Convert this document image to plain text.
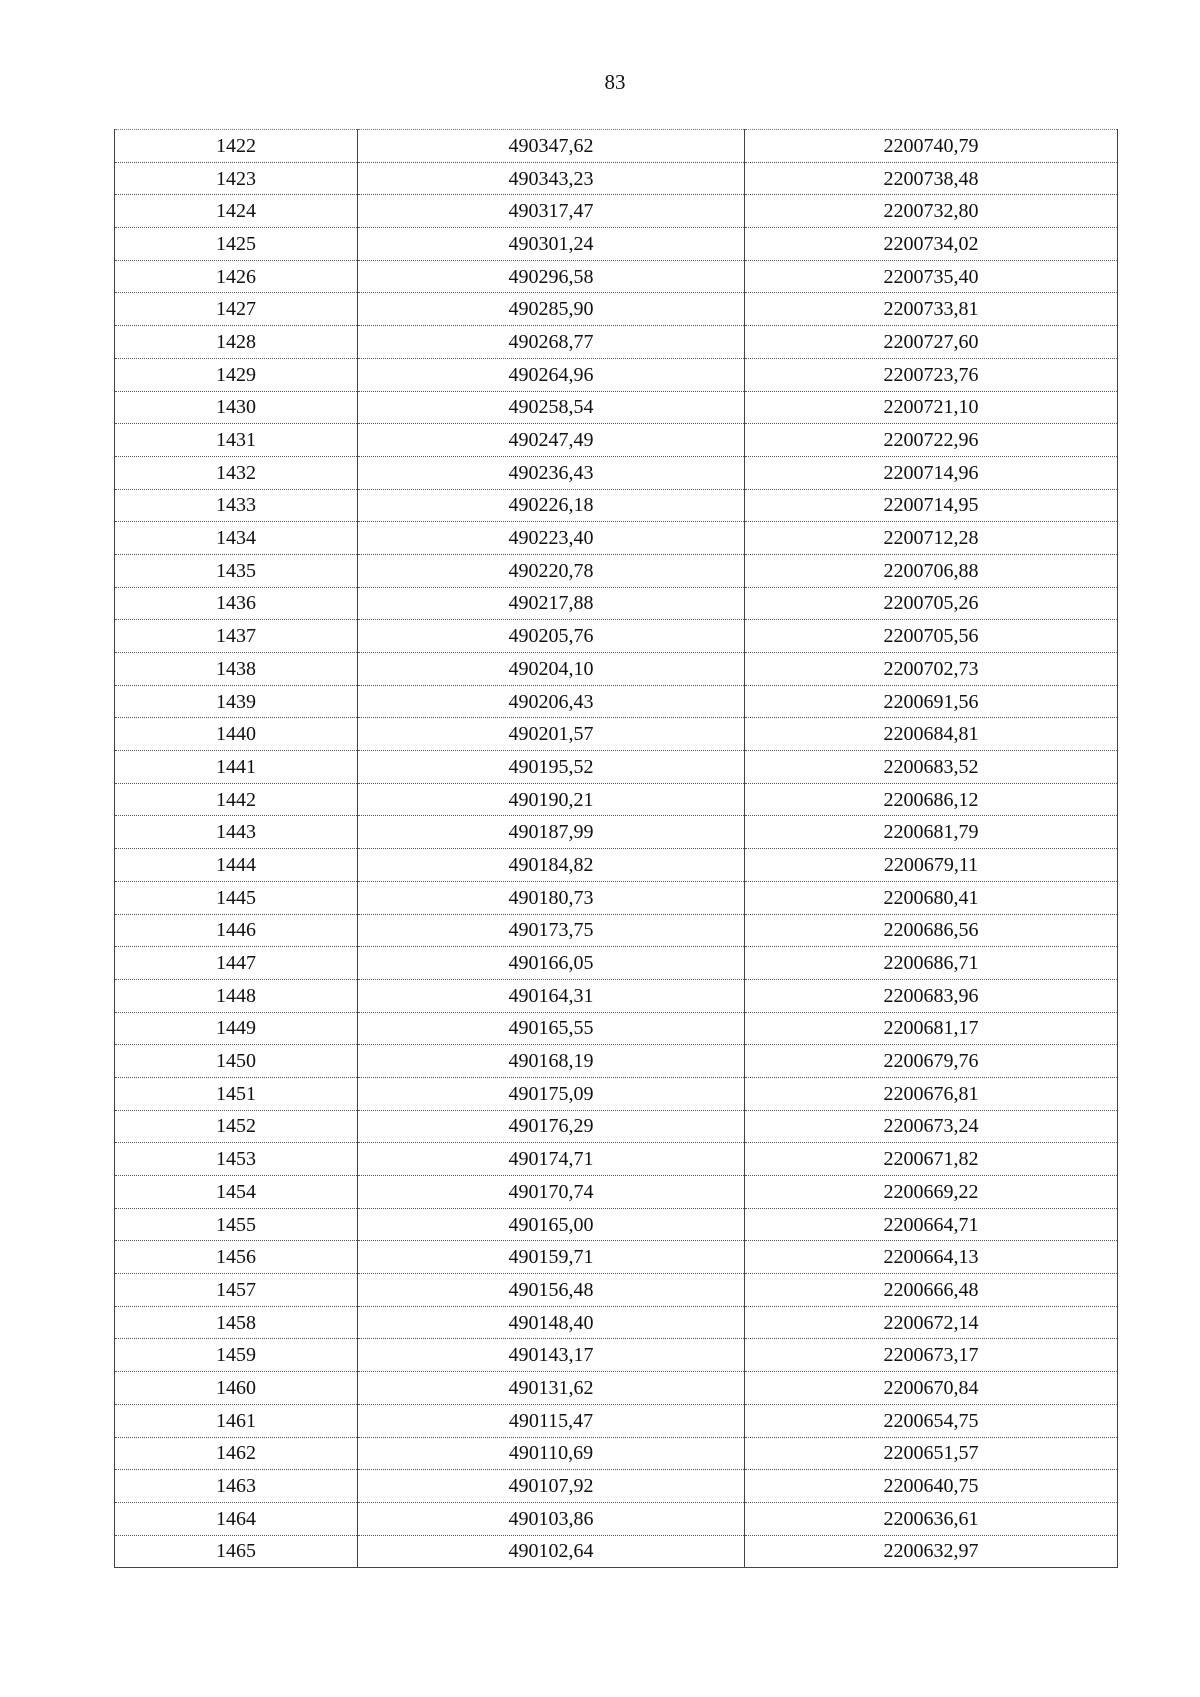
83
1422	490347,62	2200740,79
1423	490343,23	2200738,48
1424	490317,47	2200732,80
1425	490301,24	2200734,02
1426	490296,58	2200735,40
1427	490285,90	2200733,81
1428	490268,77	2200727,60
1429	490264,96	2200723,76
1430	490258,54	2200721,10
1431	490247,49	2200722,96
1432	490236,43	2200714,96
1433	490226,18	2200714,95
1434	490223,40	2200712,28
1435	490220,78	2200706,88
1436	490217,88	2200705,26
1437	490205,76	2200705,56
1438	490204,10	2200702,73
1439	490206,43	2200691,56
1440	490201,57	2200684,81
1441	490195,52	2200683,52
1442	490190,21	2200686,12
1443	490187,99	2200681,79
1444	490184,82	2200679,11
1445	490180,73	2200680,41
1446	490173,75	2200686,56
1447	490166,05	2200686,71
1448	490164,31	2200683,96
1449	490165,55	2200681,17
1450	490168,19	2200679,76
1451	490175,09	2200676,81
1452	490176,29	2200673,24
1453	490174,71	2200671,82
1454	490170,74	2200669,22
1455	490165,00	2200664,71
1456	490159,71	2200664,13
1457	490156,48	2200666,48
1458	490148,40	2200672,14
1459	490143,17	2200673,17
1460	490131,62	2200670,84
1461	490115,47	2200654,75
1462	490110,69	2200651,57
1463	490107,92	2200640,75
1464	490103,86	2200636,61
1465	490102,64	2200632,97
